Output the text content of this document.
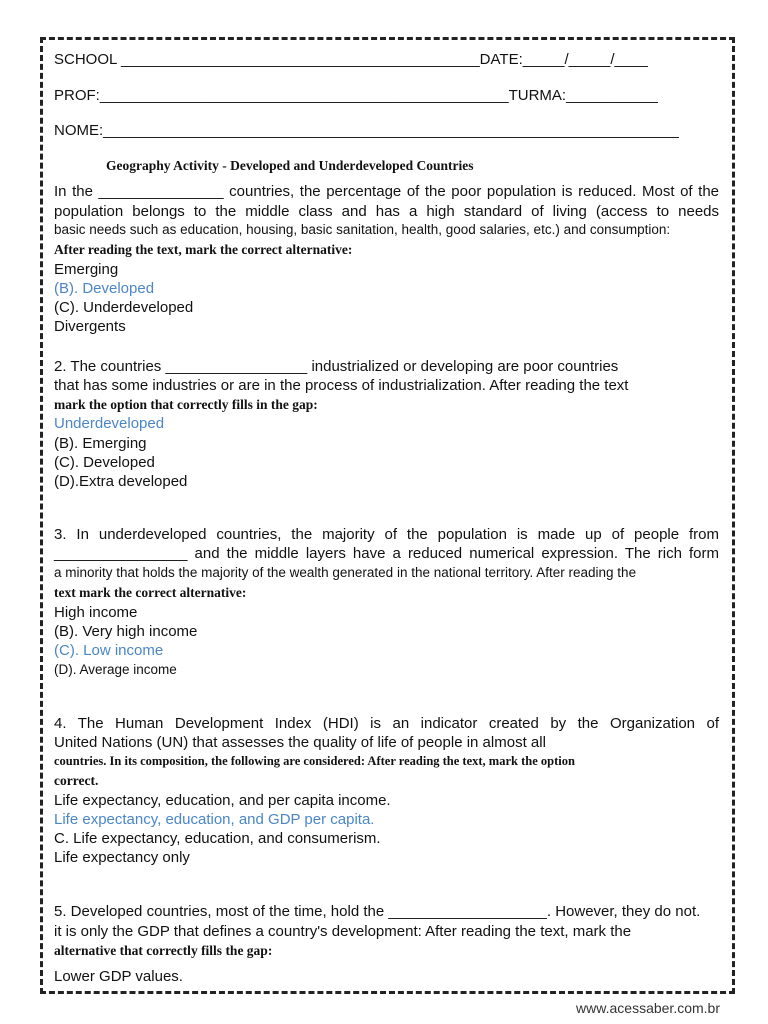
SCHOOL ___________________________________________DATE:_____/_____/____
PROF:_________________________________________________TURMA:___________
NOME:_____________________________________________________________________
Geography Activity - Developed and Underdeveloped Countries
In the _______________ countries, the percentage of the poor population is reduced. Most of the
population belongs to the middle class and has a high standard of living (access to needs
basic needs such as education, housing, basic sanitation, health, good salaries, etc.) and consumption:
After reading the text, mark the correct alternative:
Emerging
(B). Developed
(C). Underdeveloped
Divergents
2. The countries _________________ industrialized or developing are poor countries
that has some industries or are in the process of industrialization. After reading the text
mark the option that correctly fills in the gap:
Underdeveloped
(B). Emerging
(C). Developed
(D).Extra developed
3. In underdeveloped countries, the majority of the population is made up of people from
________________ and the middle layers have a reduced numerical expression. The rich form
a minority that holds the majority of the wealth generated in the national territory. After reading the
text mark the correct alternative:
High income
(B). Very high income
(C). Low income
(D). Average income
4. The Human Development Index (HDI) is an indicator created by the Organization of
United Nations (UN) that assesses the quality of life of people in almost all
countries. In its composition, the following are considered: After reading the text, mark the option
correct.
Life expectancy, education, and per capita income.
Life expectancy, education, and GDP per capita.
C. Life expectancy, education, and consumerism.
Life expectancy only
5. Developed countries, most of the time, hold the ___________________. However, they do not.
it is only the GDP that defines a country's development: After reading the text, mark the
alternative that correctly fills the gap:
Lower GDP values.
www.acessaber.com.br
